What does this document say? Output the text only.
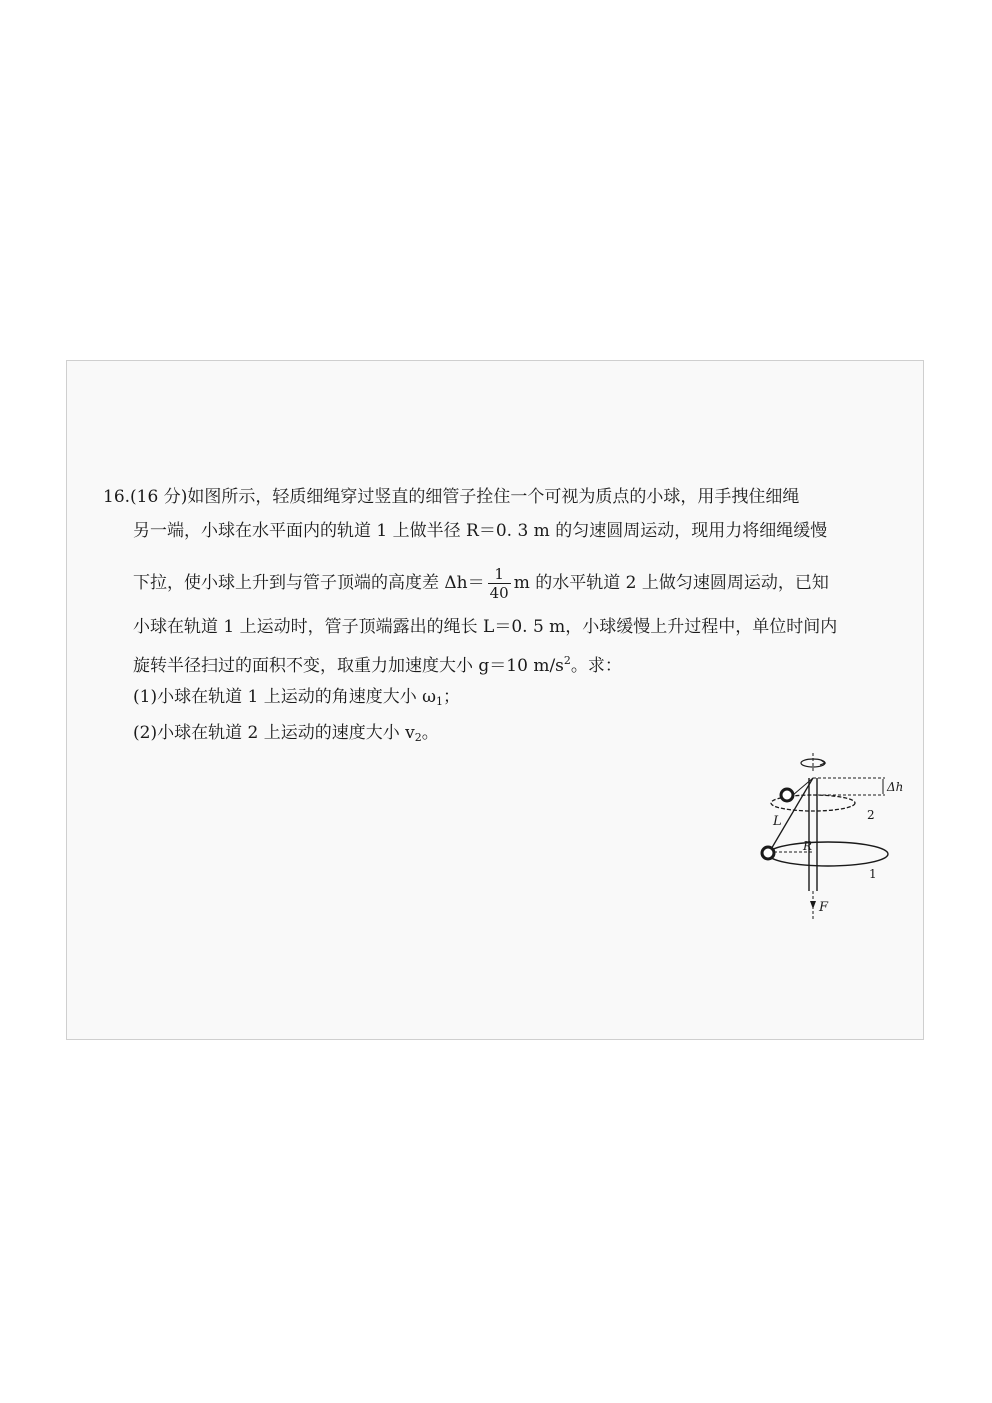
16.(16 分)如图所示，轻质细绳穿过竖直的细管子拴住一个可视为质点的小球，用手拽住细绳
另一端，小球在水平面内的轨道 1 上做半径 R＝0. 3 m 的匀速圆周运动，现用力将细绳缓慢
下拉，使小球上升到与管子顶端的高度差 $\Delta h= \frac{1}{40}$ m 的水平轨道 2 上做匀速圆周运动，已知
小球在轨道 1 上运动时，管子顶端露出的绳长 L＝0. 5 m，小球缓慢上升过程中，单位时间内
旋转半径扫过的面积不变，取重力加速度大小 g＝10 $m/s^2$。求：
(1)小球在轨道 1 上运动的角速度大小 $\omega_1$；
(2)小球在轨道 2 上运动的速度大小 $v_2$。
F
Δh
2
R
1
L
